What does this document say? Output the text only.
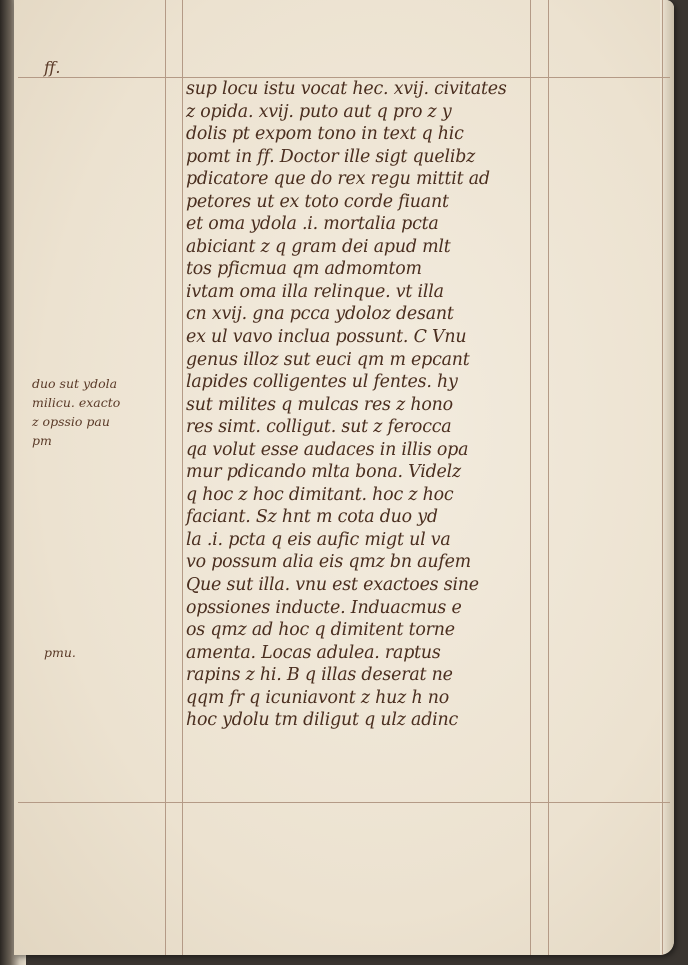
ff.
duo sut ydola
milicu. exacto
z opssio pau
pm
pmu.
sup locu istu vocat hec. xvij. civitates
z opida. xvij. puto aut q pro z y
dolis pt expom tono in text q hic
pomt in ff. Doctor ille sigt quelibz
pdicatore que do rex regu mittit ad
petores ut ex toto corde fiuant
et oma ydola .i. mortalia pcta
abiciant z q gram dei apud mlt
tos pficmua qm admomtom
ivtam oma illa relinque. vt illa
cn xvij. gna pcca ydoloz desant
ex ul vavo inclua possunt. C Vnu
genus illoz sut euci qm m epcant
lapides colligentes ul fentes. hy
sut milites q mulcas res z hono
res simt. colligut. sut z ferocca
qa volut esse audaces in illis opa
mur pdicando mlta bona. Videlz
q hoc z hoc dimitant. hoc z hoc
faciant. Sz hnt m cota duo yd
la .i. pcta q eis aufic migt ul va
vo possum alia eis qmz bn aufem
Que sut illa. vnu est exactoes sine
opssiones inducte. Induacmus e
os qmz ad hoc q dimitent torne
amenta. Locas adulea. raptus
rapins z hi. B q illas deserat ne
qqm fr q icuniavont z huz h no
hoc ydolu tm diligut q ulz adinc
